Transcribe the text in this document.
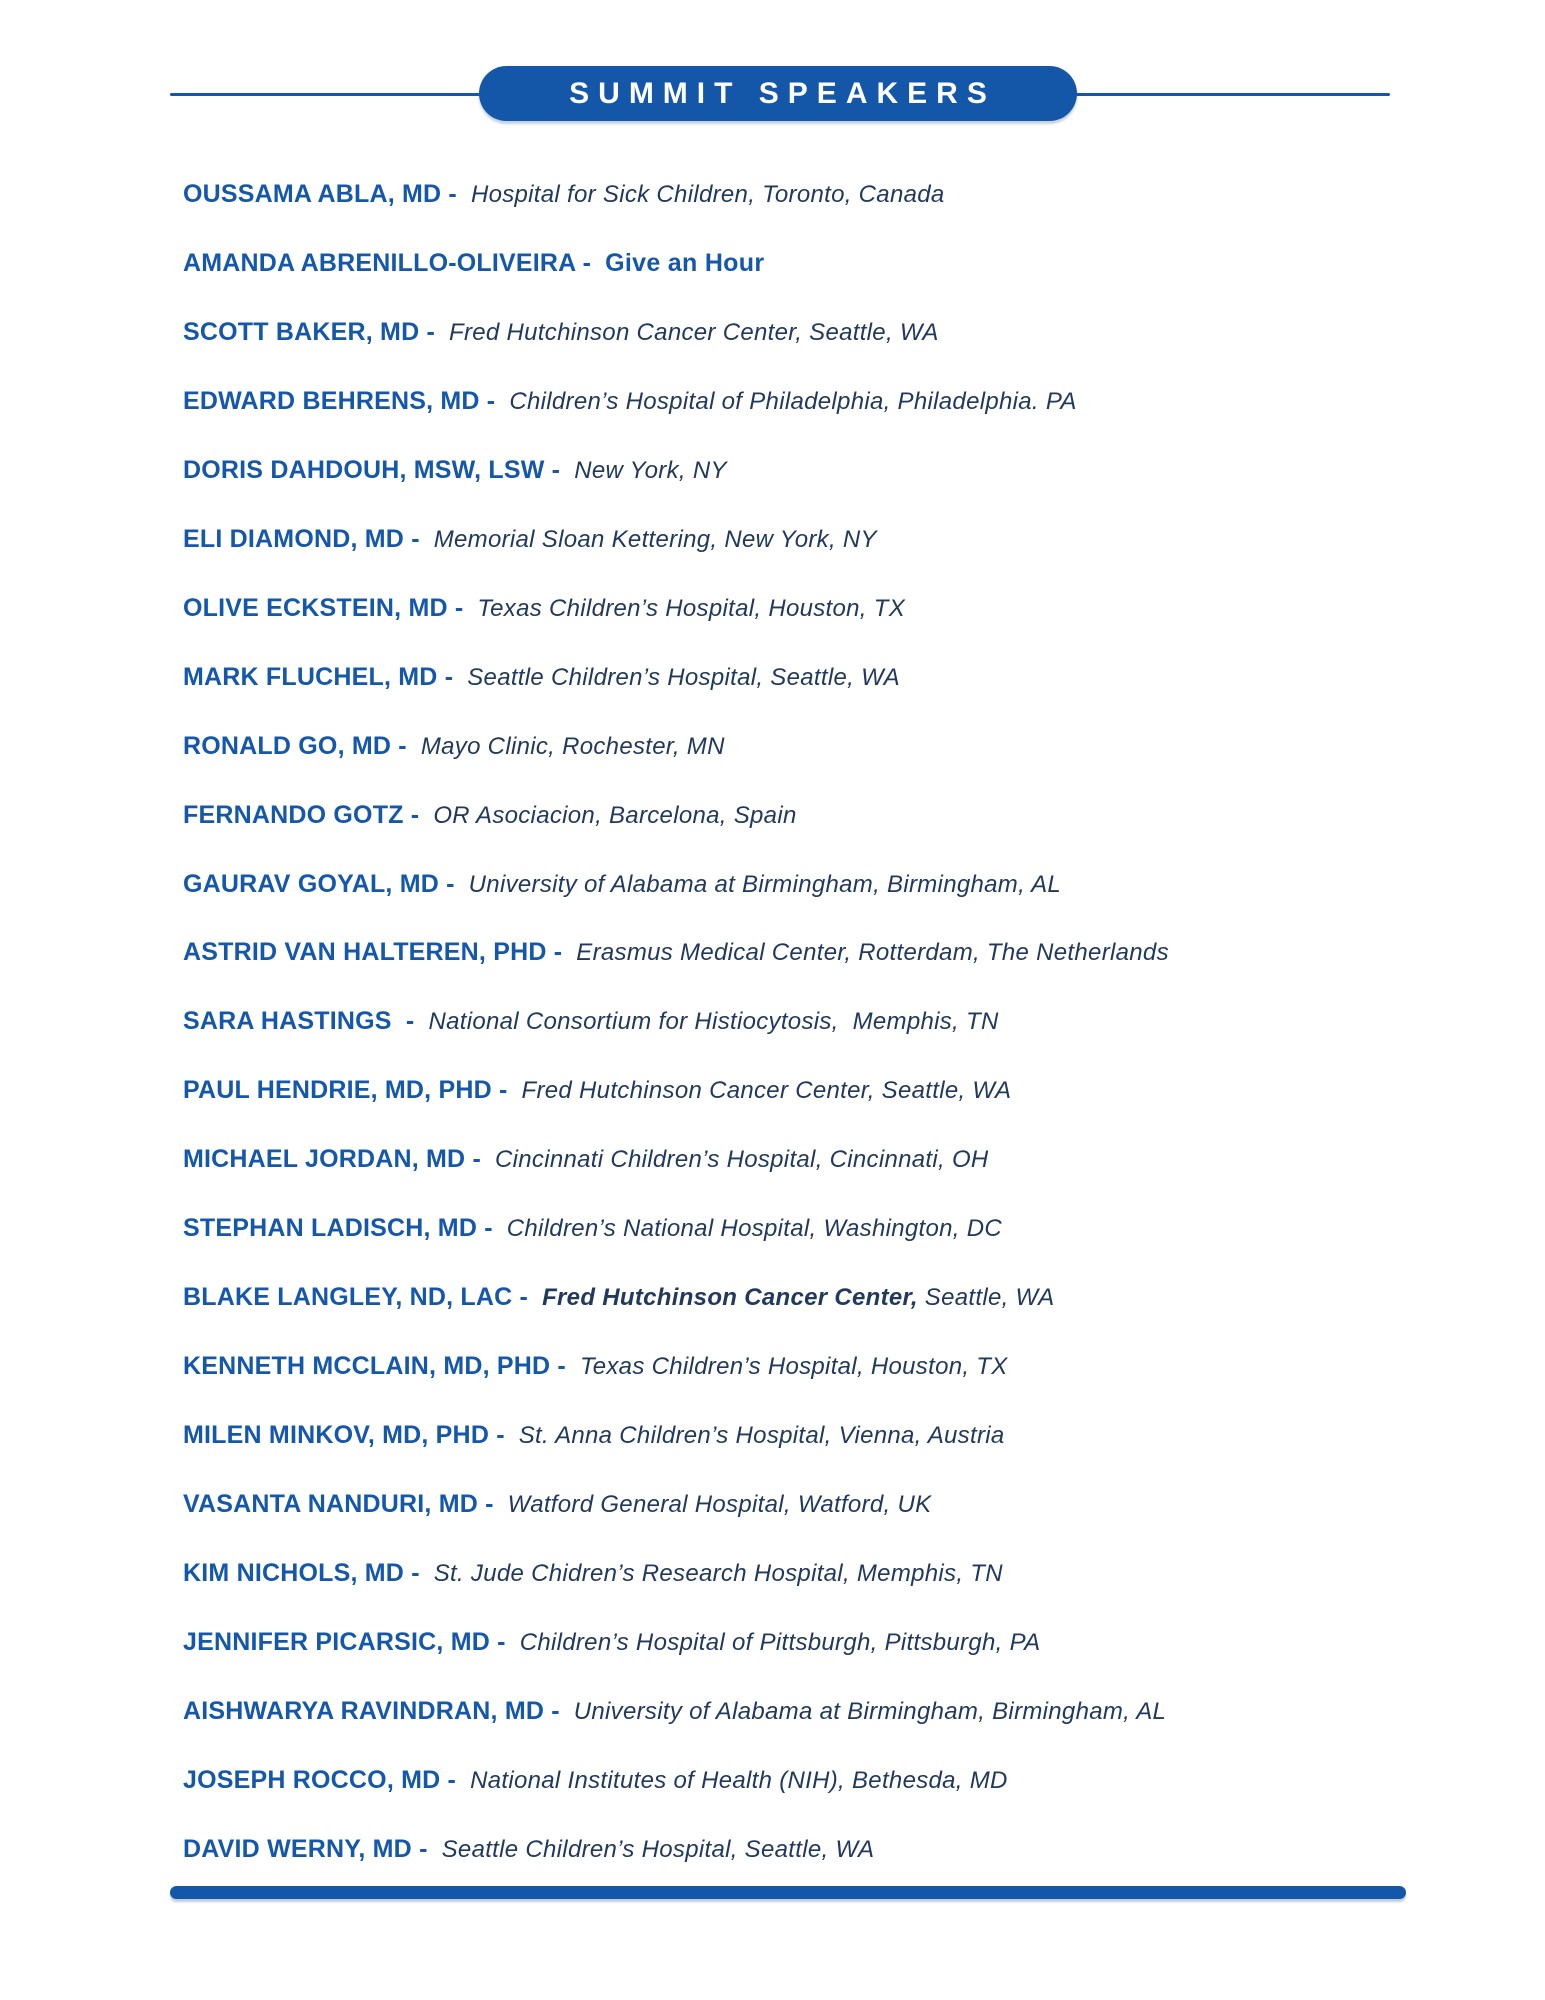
SUMMIT SPEAKERS
OUSSAMA ABLA, MD - Hospital for Sick Children, Toronto, Canada
AMANDA ABRENILLO-OLIVEIRA - Give an Hour
SCOTT BAKER, MD - Fred Hutchinson Cancer Center, Seattle, WA
EDWARD BEHRENS, MD - Children’s Hospital of Philadelphia, Philadelphia. PA
DORIS DAHDOUH, MSW, LSW - New York, NY
ELI DIAMOND, MD - Memorial Sloan Kettering, New York, NY
OLIVE ECKSTEIN, MD - Texas Children’s Hospital, Houston, TX
MARK FLUCHEL, MD - Seattle Children’s Hospital, Seattle, WA
RONALD GO, MD - Mayo Clinic, Rochester, MN
FERNANDO GOTZ - OR Asociacion, Barcelona, Spain
GAURAV GOYAL, MD - University of Alabama at Birmingham, Birmingham, AL
ASTRID VAN HALTEREN, PHD - Erasmus Medical Center, Rotterdam, The Netherlands
SARA HASTINGS  - National Consortium for Histiocytosis,  Memphis, TN
PAUL HENDRIE, MD, PHD - Fred Hutchinson Cancer Center, Seattle, WA
MICHAEL JORDAN, MD - Cincinnati Children’s Hospital, Cincinnati, OH
STEPHAN LADISCH, MD - Children’s National Hospital, Washington, DC
BLAKE LANGLEY, ND, LAC - Fred Hutchinson Cancer Center, Seattle, WA
KENNETH MCCLAIN, MD, PHD - Texas Children’s Hospital, Houston, TX
MILEN MINKOV, MD, PHD - St. Anna Children’s Hospital, Vienna, Austria
VASANTA NANDURI, MD - Watford General Hospital, Watford, UK
KIM NICHOLS, MD - St. Jude Chidren’s Research Hospital, Memphis, TN
JENNIFER PICARSIC, MD - Children’s Hospital of Pittsburgh, Pittsburgh, PA
AISHWARYA RAVINDRAN, MD - University of Alabama at Birmingham, Birmingham, AL
JOSEPH ROCCO, MD - National Institutes of Health (NIH), Bethesda, MD
DAVID WERNY, MD - Seattle Children’s Hospital, Seattle, WA
